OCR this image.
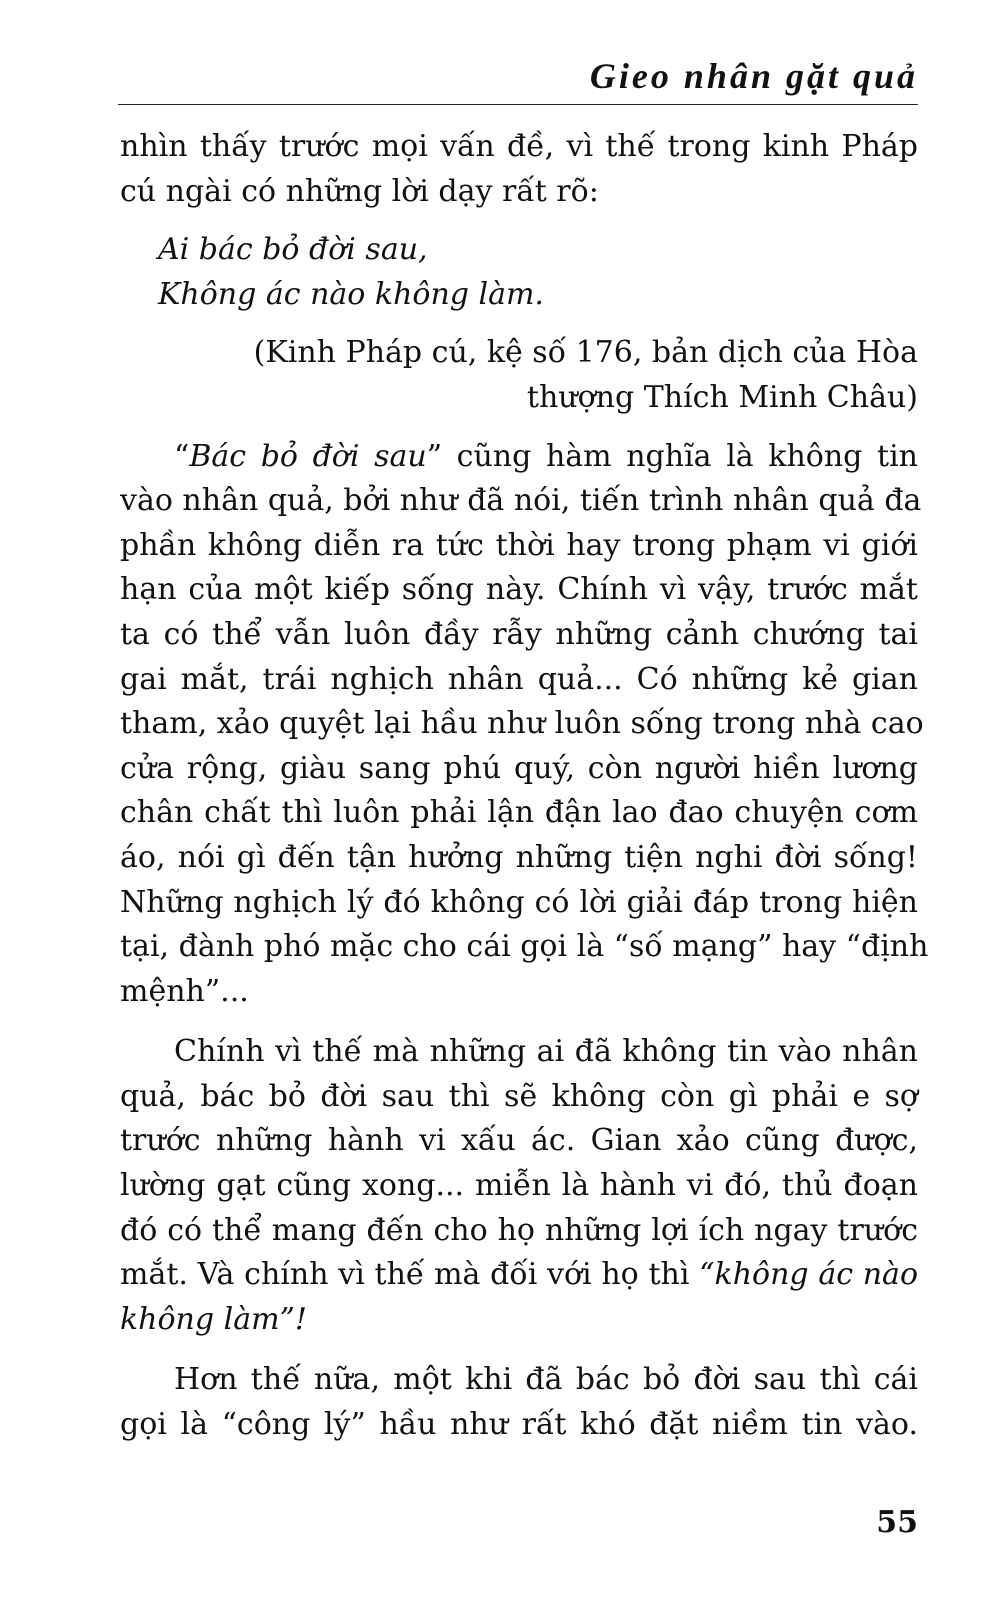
Gieo nhân gặt quả
nhìn thấy trước mọi vấn đề, vì thế trong kinh Pháp
cú ngài có những lời dạy rất rõ:
Ai bác bỏ đời sau,
Không ác nào không làm.
(Kinh Pháp cú, kệ số 176, bản dịch của Hòa
thượng Thích Minh Châu)
“Bác bỏ đời sau” cũng hàm nghĩa là không tin
vào nhân quả, bởi như đã nói, tiến trình nhân quả đa
phần không diễn ra tức thời hay trong phạm vi giới
hạn của một kiếp sống này. Chính vì vậy, trước mắt
ta có thể vẫn luôn đầy rẫy những cảnh chướng tai
gai mắt, trái nghịch nhân quả... Có những kẻ gian
tham, xảo quyệt lại hầu như luôn sống trong nhà cao
cửa rộng, giàu sang phú quý, còn người hiền lương
chân chất thì luôn phải lận đận lao đao chuyện cơm
áo, nói gì đến tận hưởng những tiện nghi đời sống!
Những nghịch lý đó không có lời giải đáp trong hiện
tại, đành phó mặc cho cái gọi là “số mạng” hay “định
mệnh”...
Chính vì thế mà những ai đã không tin vào nhân
quả, bác bỏ đời sau thì sẽ không còn gì phải e sợ
trước những hành vi xấu ác. Gian xảo cũng được,
lường gạt cũng xong... miễn là hành vi đó, thủ đoạn
đó có thể mang đến cho họ những lợi ích ngay trước
mắt. Và chính vì thế mà đối với họ thì “không ác nào
không làm”!
Hơn thế nữa, một khi đã bác bỏ đời sau thì cái
gọi là “công lý” hầu như rất khó đặt niềm tin vào.
55
